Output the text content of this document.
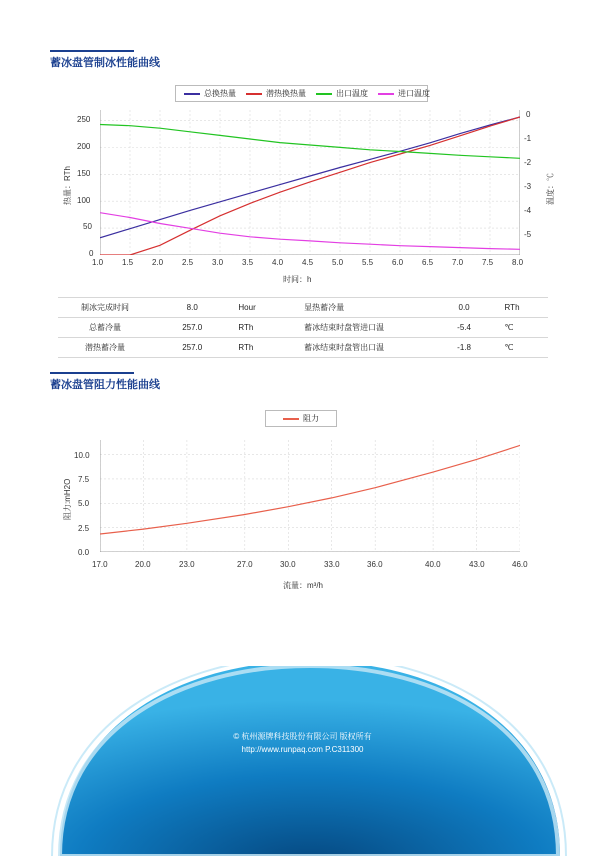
蓄冰盘管制冰性能曲线
总换热量	潜热换热量	出口温度	进口温度
热量：RTh	温度：℃
时间：h
250
200
150
100
50
0
0
-1
-2
-3
-4
-5
1.0 1.5 2.0 2.5 3.0 3.5 4.0 4.5 5.0 5.5 6.0 6.5 7.0 7.5 8.0
制冰完成时间	8.0	Hour	显热蓄冷量	0.0	RTh
总蓄冷量	257.0	RTh	蓄冰结束时盘管进口温	-5.4	℃
潜热蓄冷量	257.0	RTh	蓄冰结束时盘管出口温	-1.8	℃
蓄冰盘管阻力性能曲线
阻力
阻力:mH2O
流量：m³/h
10.0
7.5
5.0
2.5
0.0
17.0	20.0	23.0	27.0	30.0	33.0	36.0	40.0	43.0	46.0
© 杭州源牌科技股份有限公司 版权所有
http://www.runpaq.com P.C311300
